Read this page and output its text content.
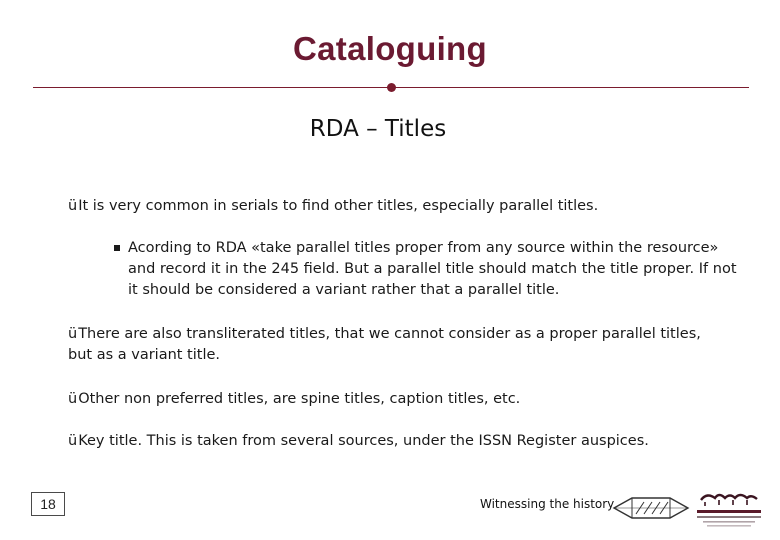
Cataloguing
RDA – Titles
üIt is very common in serials to find other titles, especially parallel titles.
Acording to RDA «take parallel titles proper from any source within the resource» and record it in the 245 field. But a parallel title should match the title proper. If not it should be considered a variant rather that a parallel title.
üThere are also transliterated titles, that we cannot consider as a proper parallel titles, but as a variant title.
üOther non preferred titles, are spine titles, caption titles, etc.
üKey title. This is taken from several sources, under the ISSN Register auspices.
18	Witnessing the history
